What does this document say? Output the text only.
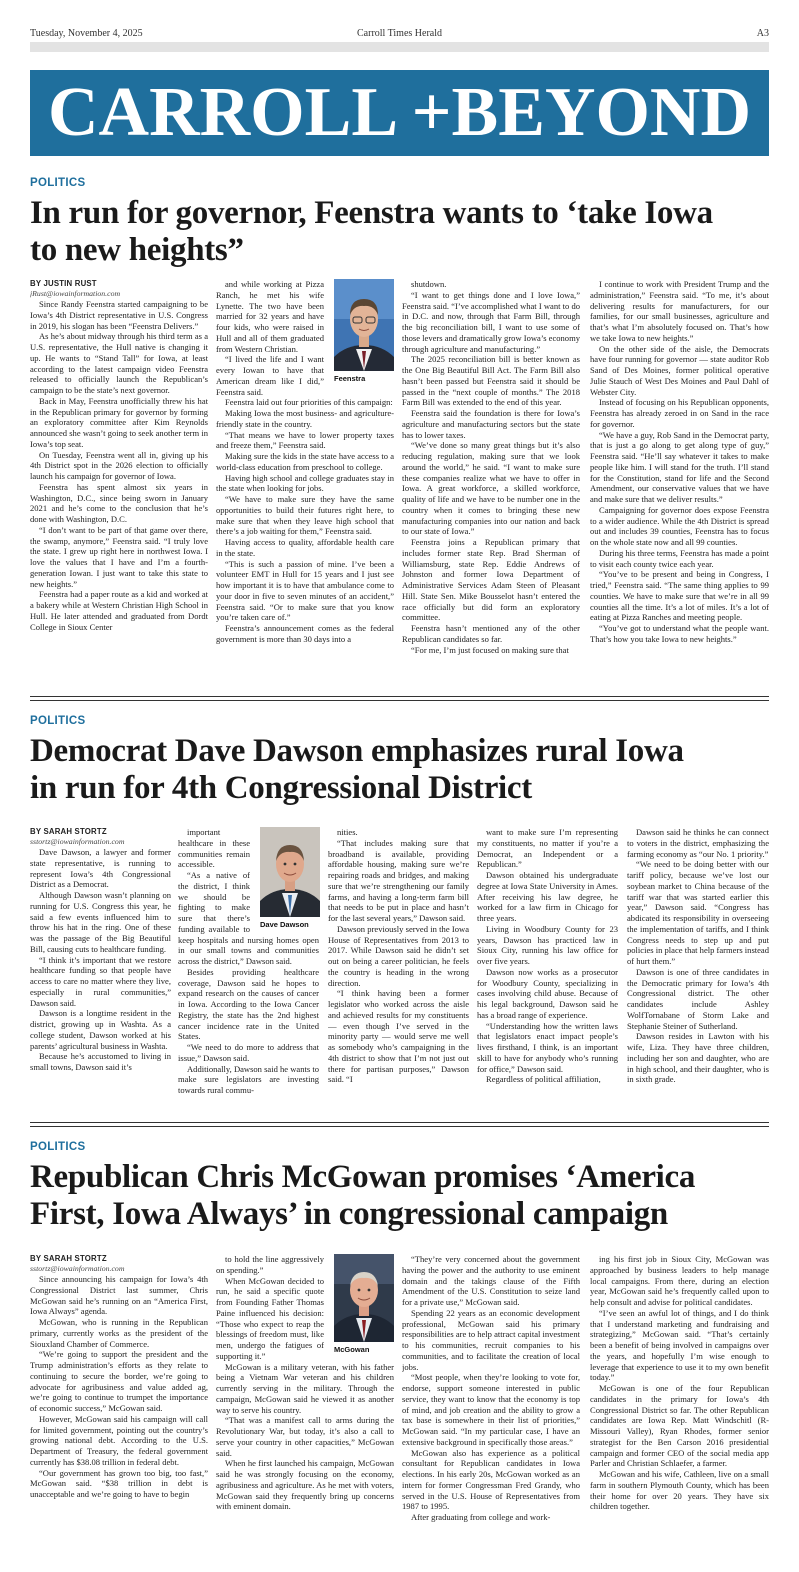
Tuesday, November 4, 2025	Carroll Times Herald	A3
CARROLL +BEYOND
POLITICS
In run for governor, Feenstra wants to ‘take Iowa
to new heights”

BY JUSTIN RUST

jRust@iowainformation.com

Since Randy Feenstra started campaigning to be Iowa’s 4th District representative in U.S. Congress in 2019, his slogan has been “Feenstra Delivers.”

As he’s about midway through his third term as a U.S. representative, the Hull native is changing it up. He wants to “Stand Tall” for Iowa, at least according to the latest campaign video Feenstra released to officially launch the Republican’s campaign to be the state’s next governor.

Back in May, Feenstra unofficially threw his hat in the Republican primary for governor by forming an exploratory committee after Kim Reynolds announced she wasn’t going to seek another term in Iowa’s top seat.

On Tuesday, Feenstra went all in, giving up his 4th District spot in the 2026 election to officially launch his campaign for governor of Iowa.

Feenstra has spent almost six years in Washington, D.C., since being sworn in January 2021 and he’s come to the conclusion that he’s done with Washington, D.C.

“I don’t want to be part of that game over there, the swamp, anymore,” Feenstra said. “I truly love the state. I grew up right here in northwest Iowa. I love the values that I have and I’m a fourth-generation Iowan. I just want to take this state to new heights.”

Feenstra had a paper route as a kid and worked at a bakery while at Western Christian High School in Hull. He later attended and graduated from Dordt College in Sioux Center

and while working at Pizza Ranch, he met his wife Lynette. The two have been married for 32 years and have four kids, who were raised in Hull and all of them graduated from Western Christian.

“I lived the life and I want every Iowan to have that American dream like I did,” Feenstra said.

Feenstra laid out four priorities of this campaign:

Making Iowa the most business- and agriculture-friendly state in the country.

“That means we have to lower property taxes and freeze them,” Feenstra said.

Making sure the kids in the state have access to a world-class education from preschool to college.

Having high school and college graduates stay in the state when looking for jobs.

“We have to make sure they have the same opportunities to build their futures right here, to make sure that when they leave high school that there’s a job waiting for them,” Feenstra said.

Having access to quality, affordable health care in the state.

“This is such a passion of mine. I’ve been a volunteer EMT in Hull for 15 years and I just see how important it is to have that ambulance come to your door in five to seven minutes of an accident,” Feenstra said. “Or to make sure that you know you’re taken care of.”

Feenstra’s announcement comes as the federal government is more than 30 days into a

shutdown.

“I want to get things done and I love Iowa,” Feenstra said. “I’ve accomplished what I want to do in D.C. and now, through that Farm Bill, through the big reconciliation bill, I want to use some of those levers and dramatically grow Iowa’s economy through agriculture and manufacturing.”

The 2025 reconciliation bill is better known as the One Big Beautiful Bill Act. The Farm Bill also hasn’t been passed but Feenstra said it should be passed in the “next couple of months.” The 2018 Farm Bill was extended to the end of this year.

Feenstra said the foundation is there for Iowa’s agriculture and manufacturing sectors but the state has to lower taxes.

“We’ve done so many great things but it’s also reducing regulation, making sure that we look around the world,” he said. “I want to make sure these companies realize what we have to offer in Iowa. A great workforce, a skilled workforce, quality of life and we have to be number one in the country when it comes to bringing these new manufacturing companies into our nation and back to our state of Iowa.”

Feenstra joins a Republican primary that includes former state Rep. Brad Sherman of Williamsburg, state Rep. Eddie Andrews of Johnston and former Iowa Department of Administrative Services Adam Steen of Pleasant Hill. State Sen. Mike Bousselot hasn’t entered the race officially but did form an exploratory committee.

Feenstra hasn’t mentioned any of the other Republican candidates so far.

“For me, I’m just focused on making sure that

I continue to work with President Trump and the administration,” Feenstra said. “To me, it’s about delivering results for manufacturers, for our families, for our small businesses, agriculture and that’s what I’m absolutely focused on. That’s how we take Iowa to new heights.”

On the other side of the aisle, the Democrats have four running for governor — state auditor Rob Sand of Des Moines, former political operative Julie Stauch of West Des Moines and Paul Dahl of Webster City.

Instead of focusing on his Republican opponents, Feenstra has already zeroed in on Sand in the race for governor.

“We have a guy, Rob Sand in the Democrat party, that is just a go along to get along type of guy,” Feenstra said. “He’ll say whatever it takes to make people like him. I will stand for the truth. I’ll stand for the Constitution, stand for life and the Second Amendment, our conservative values that we have and make sure that we deliver results.”

Campaigning for governor does expose Feenstra to a wider audience. While the 4th District is spread out and includes 39 counties, Feenstra has to focus on the whole state now and all 99 counties.

During his three terms, Feenstra has made a point to visit each county twice each year.

“You’ve to be present and being in Congress, I tried,” Feenstra said. “The same thing applies to 99 counties. We have to make sure that we’re in all 99 counties all the time. It’s a lot of miles. It’s a lot of eating at Pizza Ranches and meeting people.

“You’ve got to understand what the people want. That’s how you take Iowa to new heights.”

Feenstra
POLITICS
Democrat Dave Dawson emphasizes rural Iowa
in run for 4th Congressional District

BY SARAH STORTZ

sstortz@iowainformation.com

Dave Dawson, a lawyer and former state representative, is running to represent Iowa’s 4th Congressional District as a Democrat.

Although Dawson wasn’t planning on running for U.S. Congress this year, he said a few events influenced him to throw his hat in the ring. One of these was the passage of the Big Beautiful Bill, causing cuts to healthcare funding.

“I think it’s important that we restore healthcare funding so that people have access to care no matter where they live, especially in rural communities,” Dawson said.

Dawson is a longtime resident in the district, growing up in Washta. As a college student, Dawson worked at his parents’ agricultural business in Washta.

Because he’s accustomed to living in small towns, Dawson said it’s

important healthcare in these communities remain accessible.

“As a native of the district, I think we should be fighting to make sure that there’s funding available to keep hospitals and nursing homes open in our small towns and communities across the district,” Dawson said.

Besides providing healthcare coverage, Dawson said he hopes to expand research on the causes of cancer in Iowa. According to the Iowa Cancer Registry, the state has the 2nd highest cancer incidence rate in the United States.

“We need to do more to address that issue,” Dawson said.

Additionally, Dawson said he wants to make sure legislators are investing towards rural commu-

nities.

“That includes making sure that broadband is available, providing affordable housing, making sure we’re repairing roads and bridges, and making sure that we’re strengthening our family farms, and having a long-term farm bill that needs to be put in place and hasn’t for the last several years,” Dawson said.

Dawson previously served in the Iowa House of Representatives from 2013 to 2017. While Dawson said he didn’t set out on being a career politician, he feels the country is heading in the wrong direction.

“I think having been a former legislator who worked across the aisle and achieved results for my constituents — even though I’ve served in the minority party — would serve me well as somebody who’s campaigning in the 4th district to show that I’m not just out there for partisan purposes,” Dawson said. “I

want to make sure I’m representing my constituents, no matter if you’re a Democrat, an Independent or a Republican.”

Dawson obtained his undergraduate degree at Iowa State University in Ames. After receiving his law degree, he worked for a law firm in Chicago for three years.

Living in Woodbury County for 23 years, Dawson has practiced law in Sioux City, running his law office for over five years.

Dawson now works as a prosecutor for Woodbury County, specializing in cases involving child abuse. Because of his legal background, Dawson said he has a broad range of experience.

“Understanding how the written laws that legislators enact impact people’s lives firsthand, I think, is an important skill to have for anybody who’s running for office,” Dawson said.

Regardless of political affiliation,

Dawson said he thinks he can connect to voters in the district, emphasizing the farming economy as “our No. 1 priority.”

“We need to be doing better with our tariff policy, because we’ve lost our soybean market to China because of the tariff war that was started earlier this year,” Dawson said. “Congress has abdicated its responsibility in overseeing the implementation of tariffs, and I think Congress needs to step up and put policies in place that help farmers instead of hurt them.”

Dawson is one of three candidates in the Democratic primary for Iowa’s 4th Congressional district. The other candidates include Ashley WolfTornabane of Storm Lake and Stephanie Steiner of Sutherland.

Dawson resides in Lawton with his wife, Liza. They have three children, including her son and daughter, who are in high school, and their daughter, who is in sixth grade.

Dave Dawson
POLITICS
Republican Chris McGowan promises ‘America
First, Iowa Always’ in congressional campaign

BY SARAH STORTZ

sstortz@iowainformation.com

Since announcing his campaign for Iowa’s 4th Congressional District last summer, Chris McGowan said he’s running on an “America First, Iowa Always” agenda.

McGowan, who is running in the Republican primary, currently works as the president of the Siouxland Chamber of Commerce.

“We’re going to support the president and the Trump administration’s efforts as they relate to continuing to secure the border, we’re going to advocate for agribusiness and value added ag, we’re going to continue to trumpet the importance of economic success,” McGowan said.

However, McGowan said his campaign will call for limited government, pointing out the country’s growing national debt. According to the U.S. Department of Treasury, the federal government currently has $38.08 trillion in federal debt.

“Our government has grown too big, too fast,” McGowan said. “$38 trillion in debt is unacceptable and we’re going to have to begin

to hold the line aggressively on spending.”

When McGowan decided to run, he said a specific quote from Founding Father Thomas Paine influenced his decision: “Those who expect to reap the blessings of freedom must, like men, undergo the fatigues of supporting it.”

McGowan is a military veteran, with his father being a Vietnam War veteran and his children currently serving in the military. Through the campaign, McGowan said he viewed it as another way to serve his country.

“That was a manifest call to arms during the Revolutionary War, but today, it’s also a call to serve your country in other capacities,” McGowan said.

When he first launched his campaign, McGowan said he was strongly focusing on the economy, agribusiness and agriculture. As he met with voters, McGowan said they frequently bring up concerns with eminent domain.

“They’re very concerned about the government having the power and the authority to use eminent domain and the takings clause of the Fifth Amendment of the U.S. Constitution to seize land for a private use,” McGowan said.

Spending 22 years as an economic development professional, McGowan said his primary responsibilities are to help attract capital investment to his communities, recruit companies to his communities, and to facilitate the creation of local jobs.

“Most people, when they’re looking to vote for, endorse, support someone interested in public service, they want to know that the economy is top of mind, and job creation and the ability to grow a tax base is somewhere in their list of priorities,” McGowan said. “In my particular case, I have an extensive background in specifically those areas.”

McGowan also has experience as a political consultant for Republican candidates in Iowa elections. In his early 20s, McGowan worked as an intern for former Congressman Fred Grandy, who served in the U.S. House of Representatives from 1987 to 1995.

After graduating from college and work-

ing his first job in Sioux City, McGowan was approached by business leaders to help manage local campaigns. From there, during an election year, McGowan said he’s frequently called upon to help consult and advise for political candidates.

“I’ve seen an awful lot of things, and I do think that I understand marketing and fundraising and strategizing,” McGowan said. “That’s certainly been a benefit of being involved in campaigns over the years, and hopefully I’m wise enough to leverage that experience to use it to my own benefit today.”

McGowan is one of the four Republican candidates in the primary for Iowa’s 4th Congressional District so far. The other Republican candidates are Iowa Rep. Matt Windschitl (R-Missouri Valley), Ryan Rhodes, former senior strategist for the Ben Carson 2016 presidential campaign and former CEO of the social media app Parler and Christian Schlaefer, a farmer.

McGowan and his wife, Cathleen, live on a small farm in southern Plymouth County, which has been their home for over 20 years. They have six children together.

McGowan
